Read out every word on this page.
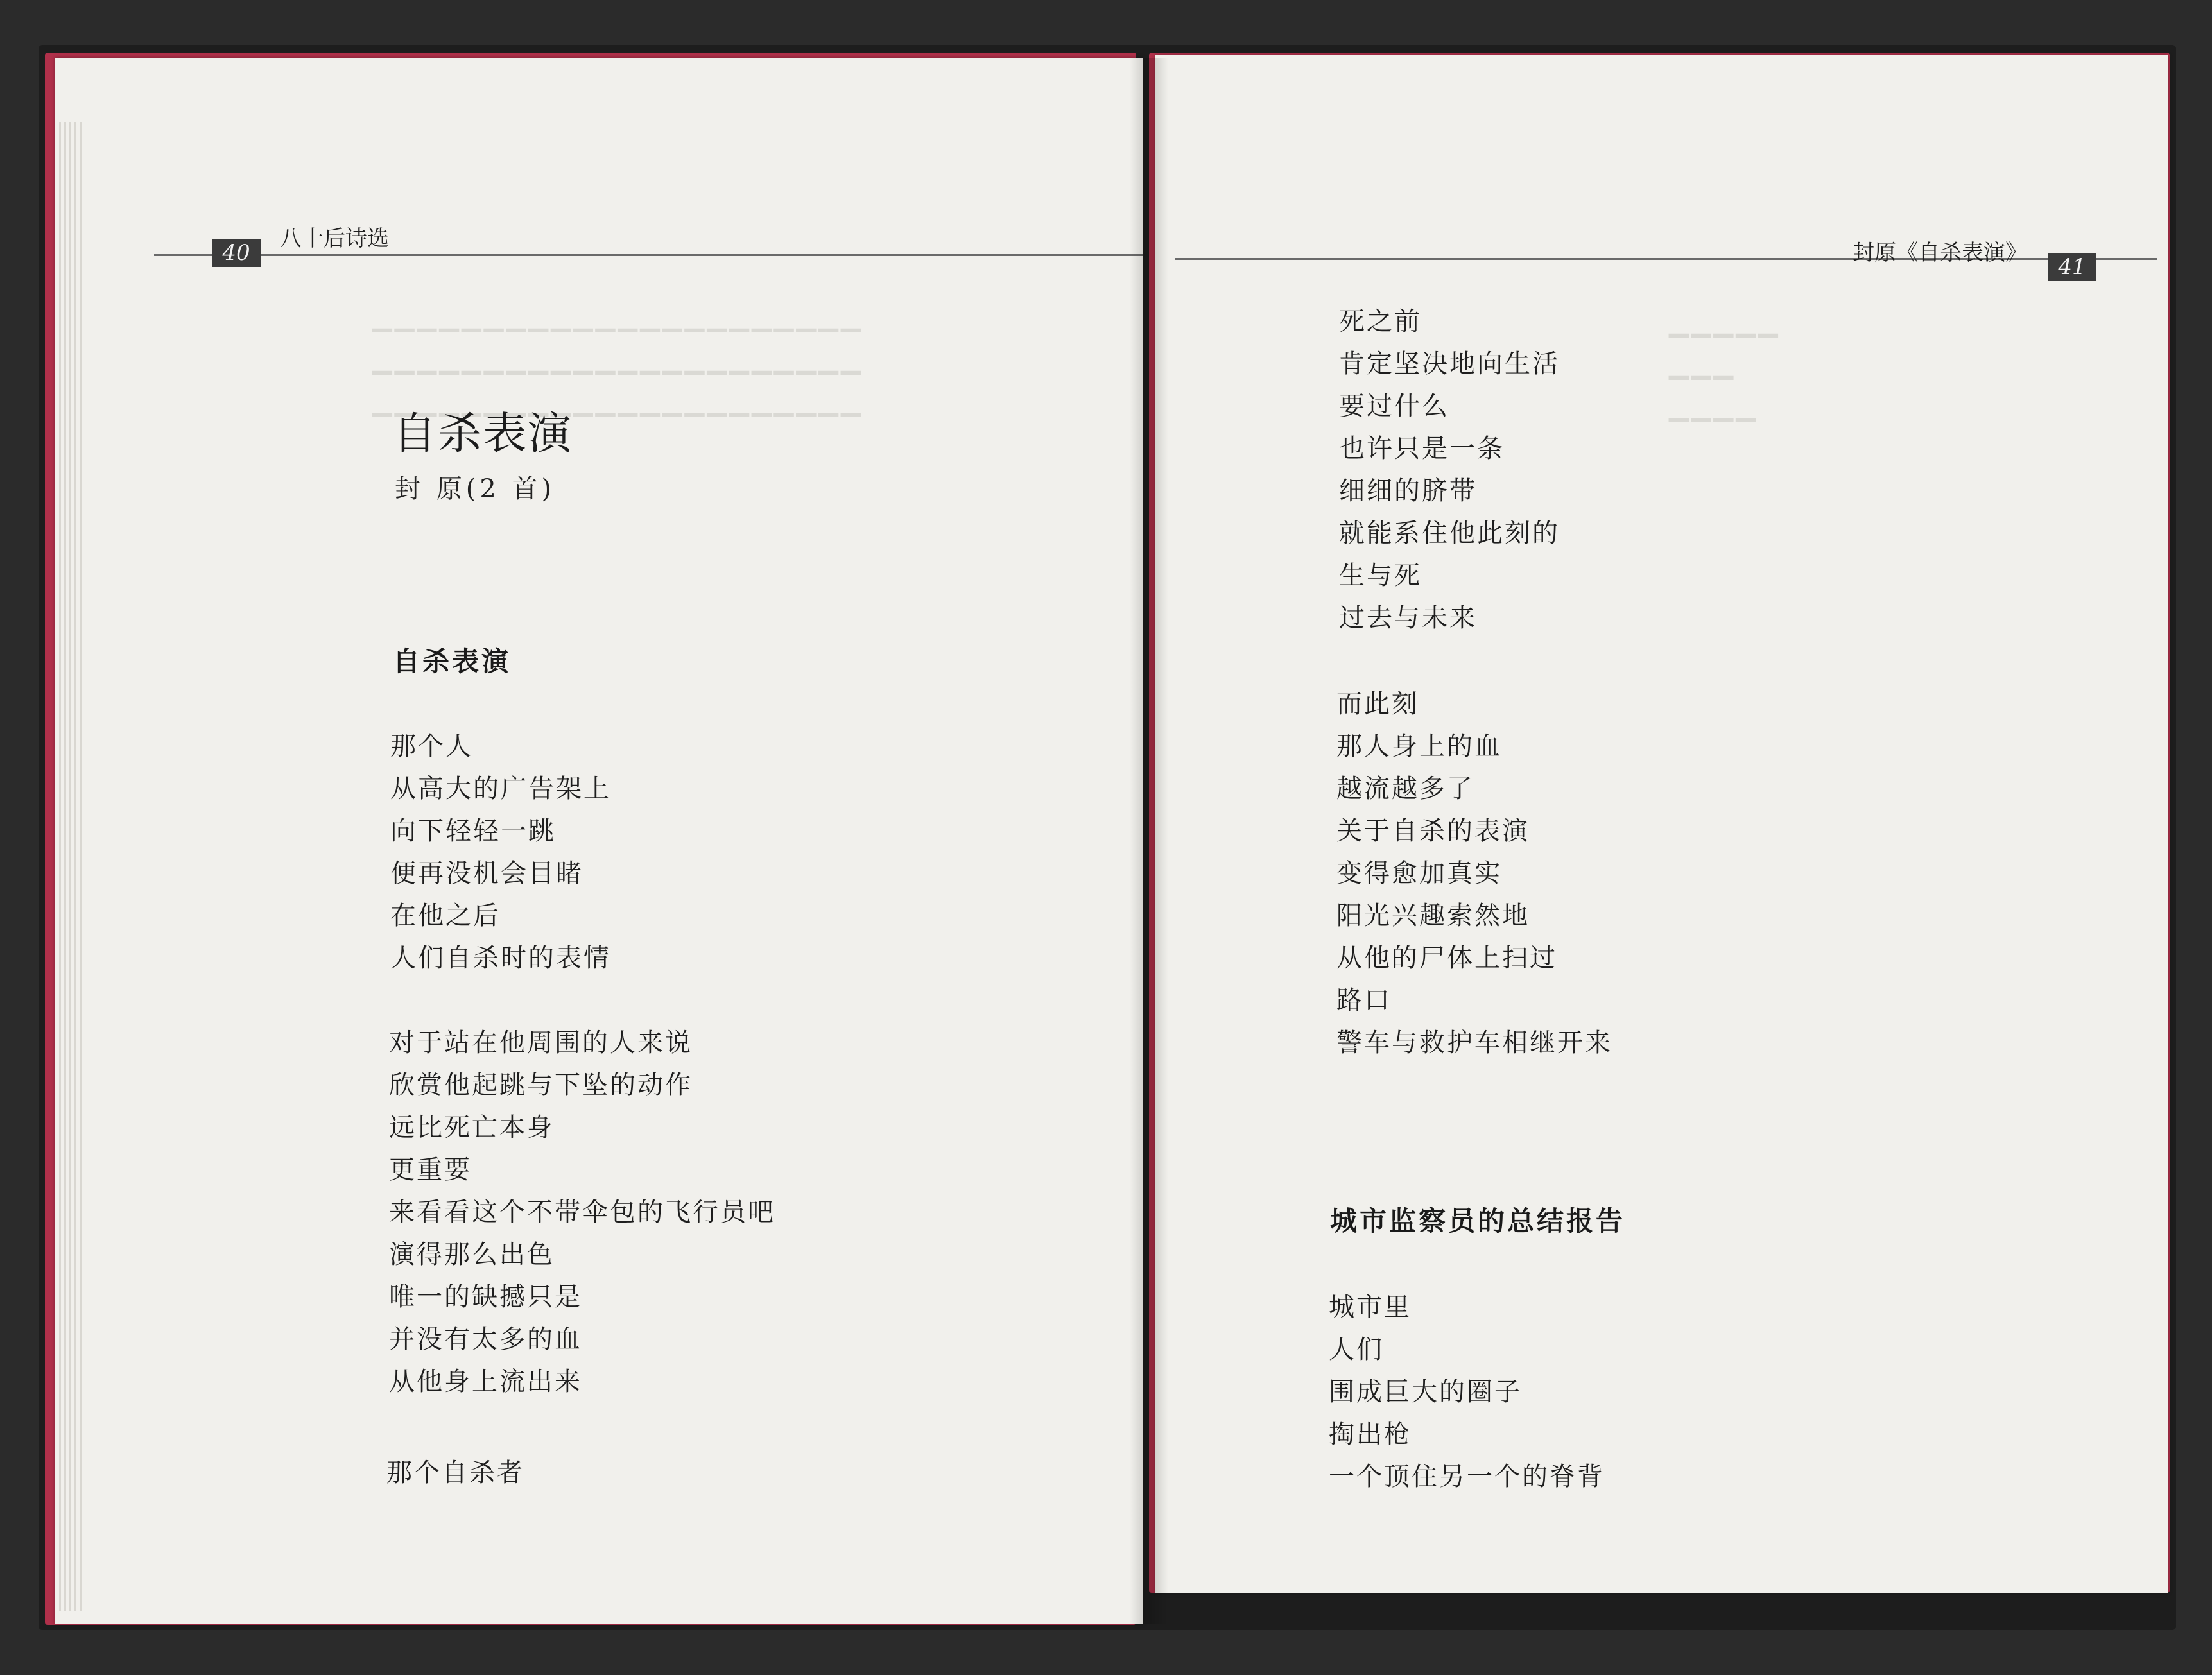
40
八十后诗选
▁▁▁▁▁▁▁▁▁▁▁▁▁▁▁▁▁▁▁▁▁▁
▁▁▁▁▁▁▁▁▁▁▁▁▁▁▁▁▁▁▁▁▁▁
▁▁▁▁▁▁▁▁▁▁▁▁▁▁▁▁▁▁▁▁▁▁
自杀表演
封 原(2 首)
自杀表演
那个人
从高大的广告架上
向下轻轻一跳
便再没机会目睹
在他之后
人们自杀时的表情
对于站在他周围的人来说
欣赏他起跳与下坠的动作
远比死亡本身
更重要
来看看这个不带伞包的飞行员吧
演得那么出色
唯一的缺撼只是
并没有太多的血
从他身上流出来
那个自杀者
41
封原《自杀表演》
▁▁▁▁▁
▁▁▁
▁▁▁▁
死之前
肯定坚决地向生活
要过什么
也许只是一条
细细的脐带
就能系住他此刻的
生与死
过去与未来
而此刻
那人身上的血
越流越多了
关于自杀的表演
变得愈加真实
阳光兴趣索然地
从他的尸体上扫过
路口
警车与救护车相继开来
城市监察员的总结报告
城市里
人们
围成巨大的圈子
掏出枪
一个顶住另一个的脊背
